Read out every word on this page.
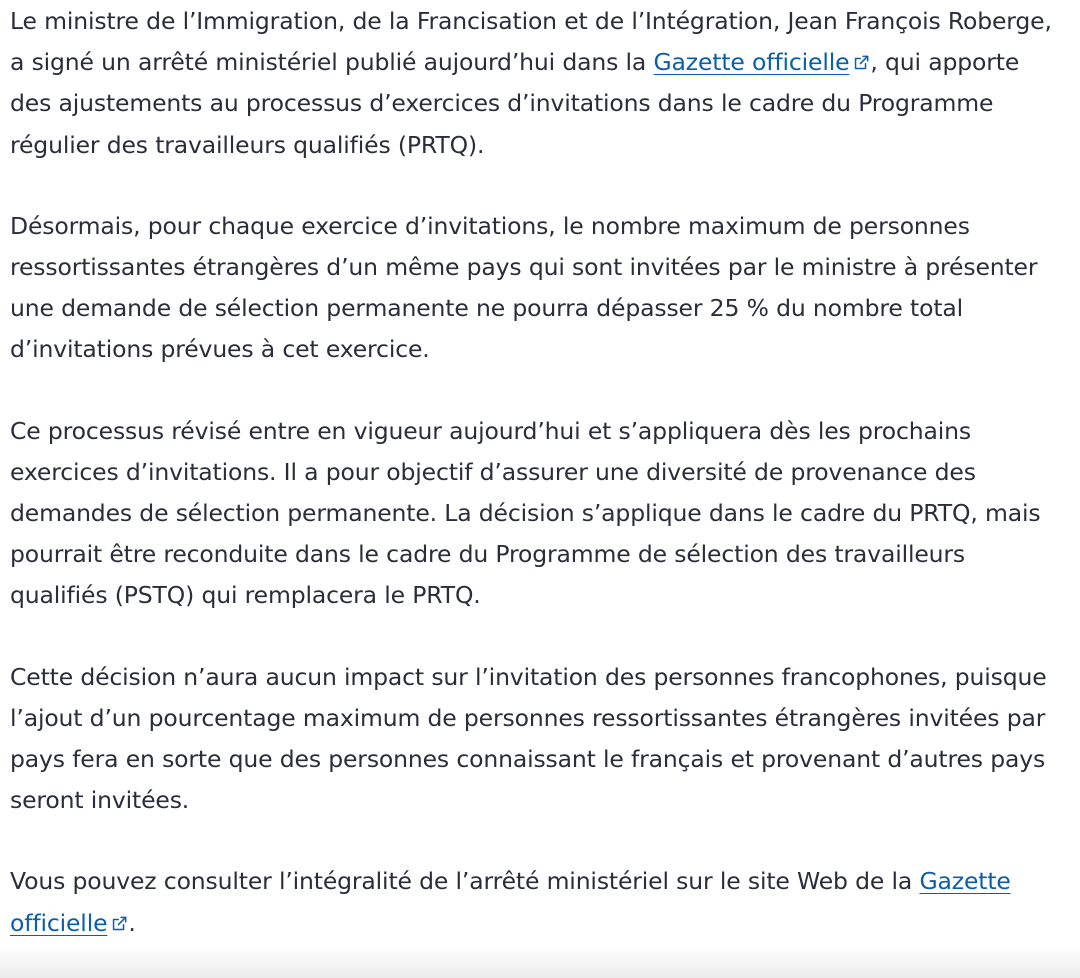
Le ministre de l’Immigration, de la Francisation et de l’Intégration, Jean François Roberge, a signé un arrêté ministériel publié aujourd’hui dans la Gazette officielle , qui apporte des ajustements au processus d’exercices d’invitations dans le cadre du Programme régulier des travailleurs qualifiés (PRTQ).

Désormais, pour chaque exercice d’invitations, le nombre maximum de personnes ressortissantes étrangères d’un même pays qui sont invitées par le ministre à présenter une demande de sélection permanente ne pourra dépasser 25 % du nombre total d’invitations prévues à cet exercice.

Ce processus révisé entre en vigueur aujourd’hui et s’appliquera dès les prochains exercices d’invitations. Il a pour objectif d’assurer une diversité de provenance des demandes de sélection permanente. La décision s’applique dans le cadre du PRTQ, mais pourrait être reconduite dans le cadre du Programme de sélection des travailleurs qualifiés (PSTQ) qui remplacera le PRTQ.

Cette décision n’aura aucun impact sur l’invitation des personnes francophones, puisque l’ajout d’un pourcentage maximum de personnes ressortissantes étrangères invitées par pays fera en sorte que des personnes connaissant le français et provenant d’autres pays seront invitées.

Vous pouvez consulter l’intégralité de l’arrêté ministériel sur le site Web de la Gazette officielle .
